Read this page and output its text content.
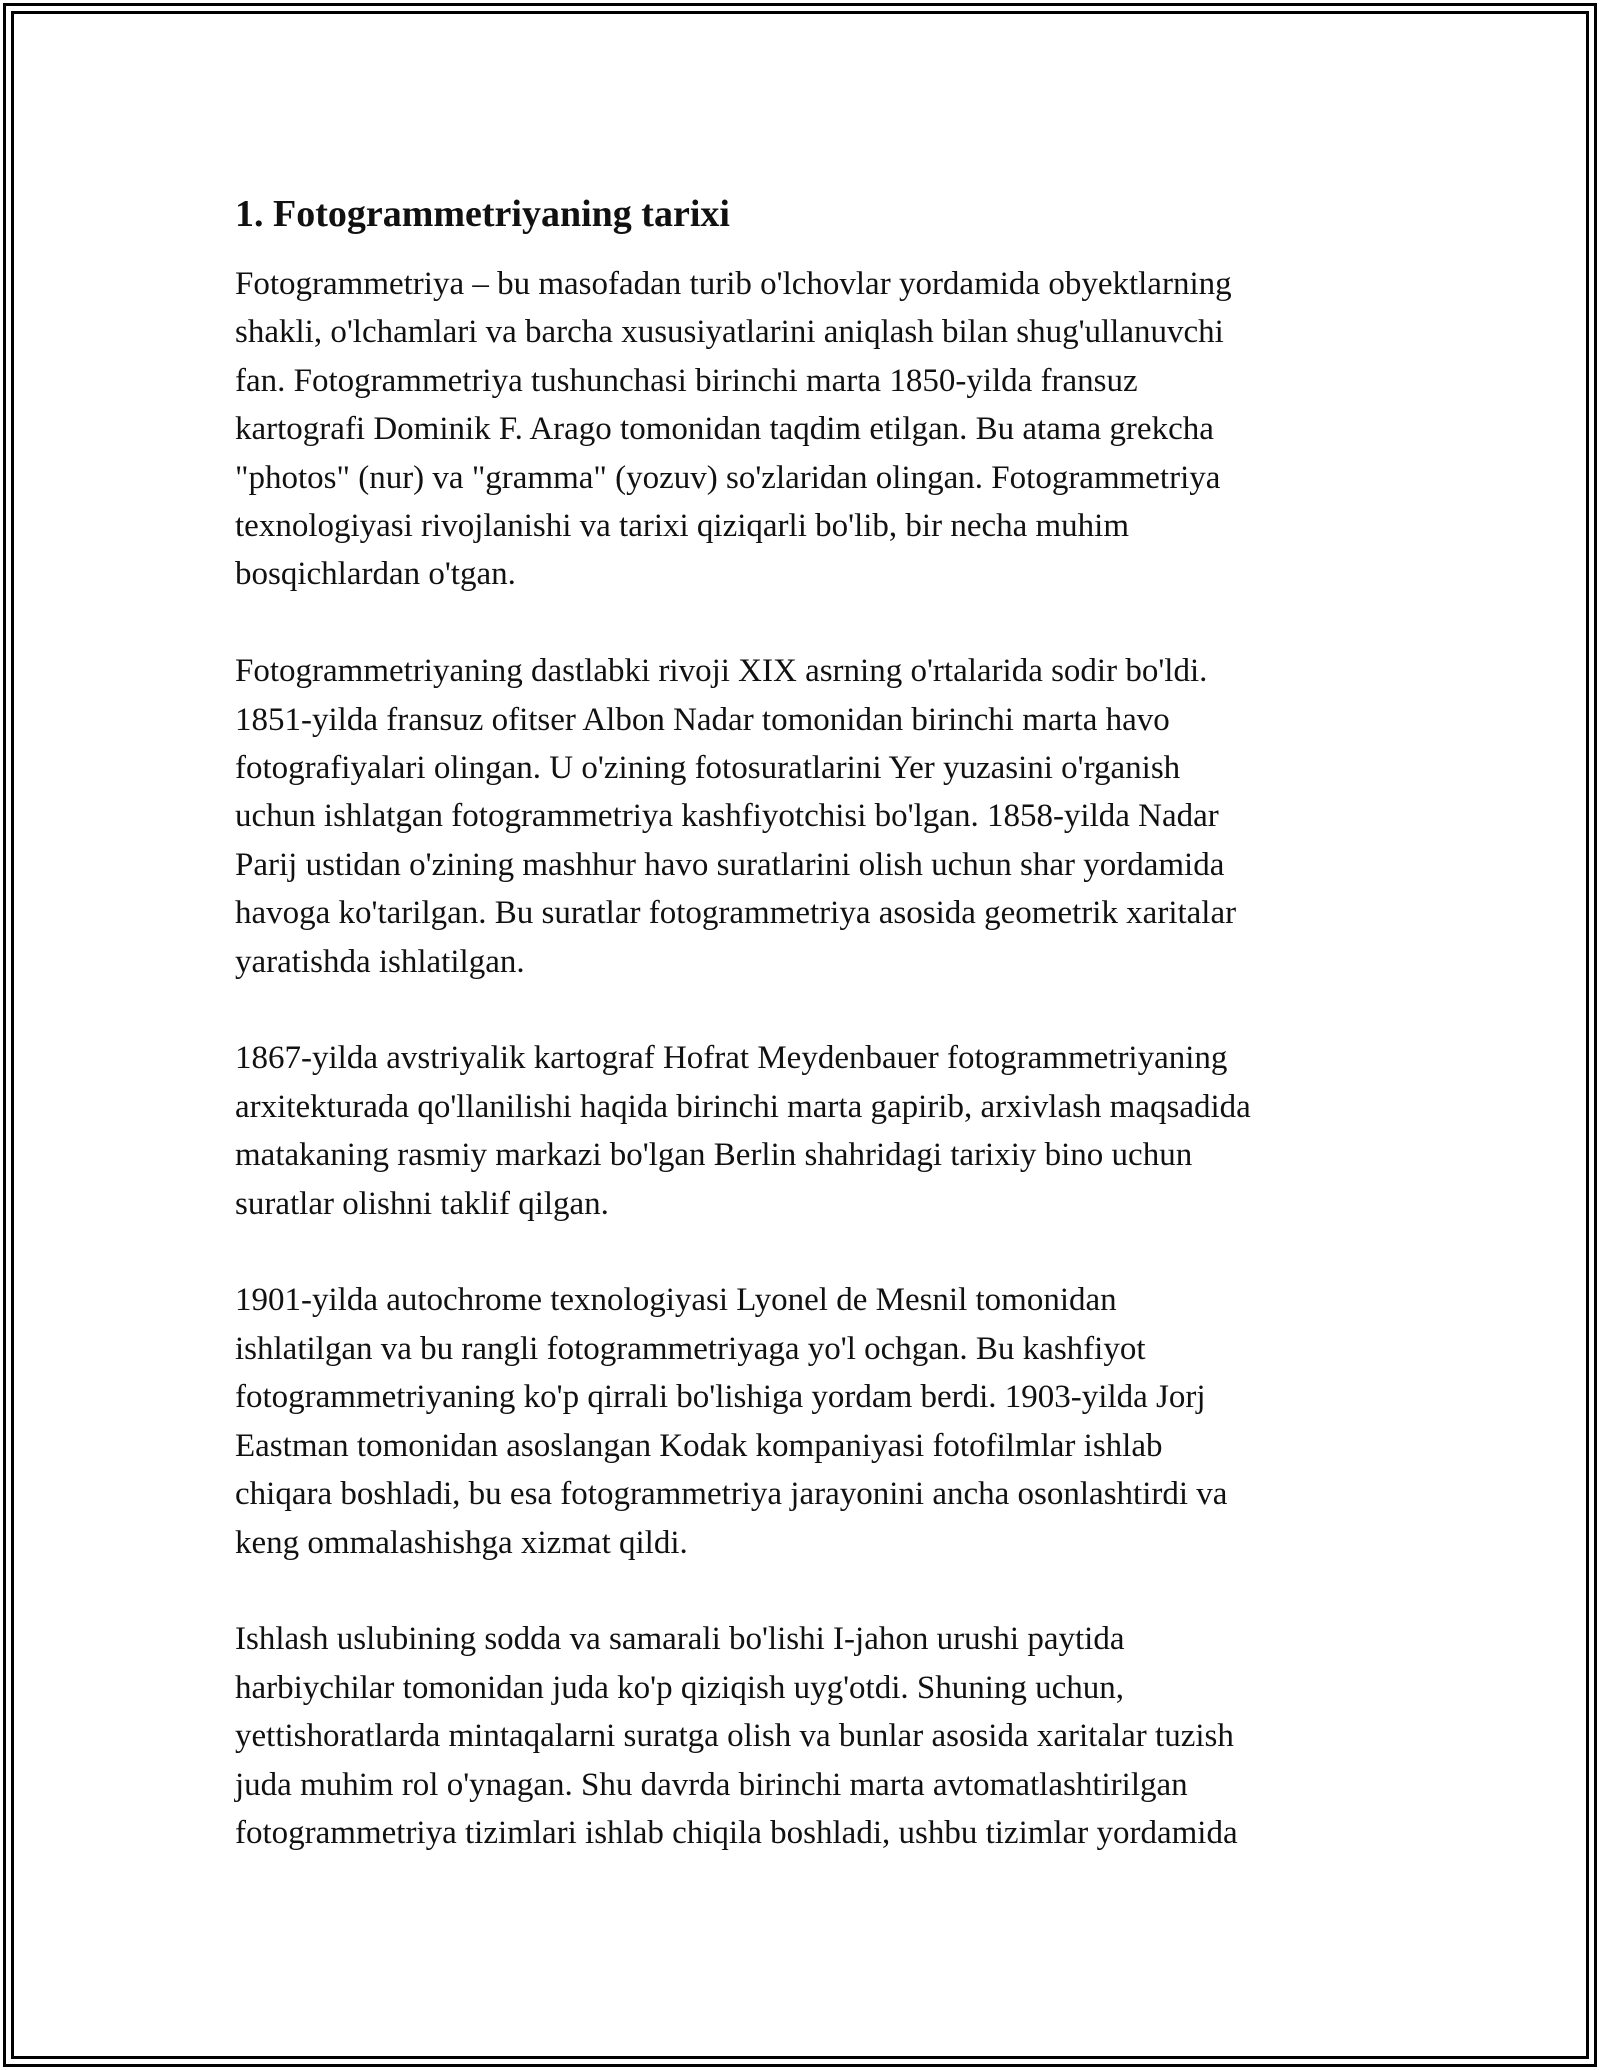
1. Fotogrammetriyaning tarixi

Fotogrammetriya – bu masofadan turib o'lchovlar yordamida obyektlarning
shakli, o'lchamlari va barcha xususiyatlarini aniqlash bilan shug'ullanuvchi
fan. Fotogrammetriya tushunchasi birinchi marta 1850-yilda fransuz
kartografi Dominik F. Arago tomonidan taqdim etilgan. Bu atama grekcha
"photos" (nur) va "gramma" (yozuv) so'zlaridan olingan. Fotogrammetriya
texnologiyasi rivojlanishi va tarixi qiziqarli bo'lib, bir necha muhim
bosqichlardan o'tgan.

Fotogrammetriyaning dastlabki rivoji XIX asrning o'rtalarida sodir bo'ldi.
1851-yilda fransuz ofitser Albon Nadar tomonidan birinchi marta havo
fotografiyalari olingan. U o'zining fotosuratlarini Yer yuzasini o'rganish
uchun ishlatgan fotogrammetriya kashfiyotchisi bo'lgan. 1858-yilda Nadar
Parij ustidan o'zining mashhur havo suratlarini olish uchun shar yordamida
havoga ko'tarilgan. Bu suratlar fotogrammetriya asosida geometrik xaritalar
yaratishda ishlatilgan.

1867-yilda avstriyalik kartograf Hofrat Meydenbauer fotogrammetriyaning
arxitekturada qo'llanilishi haqida birinchi marta gapirib, arxivlash maqsadida
matakaning rasmiy markazi bo'lgan Berlin shahridagi tarixiy bino uchun
suratlar olishni taklif qilgan.

1901-yilda autochrome texnologiyasi Lyonel de Mesnil tomonidan
ishlatilgan va bu rangli fotogrammetriyaga yo'l ochgan. Bu kashfiyot
fotogrammetriyaning ko'p qirrali bo'lishiga yordam berdi. 1903-yilda Jorj
Eastman tomonidan asoslangan Kodak kompaniyasi fotofilmlar ishlab
chiqara boshladi, bu esa fotogrammetriya jarayonini ancha osonlashtirdi va
keng ommalashishga xizmat qildi.

Ishlash uslubining sodda va samarali bo'lishi I-jahon urushi paytida
harbiychilar tomonidan juda ko'p qiziqish uyg'otdi. Shuning uchun,
yettishoratlarda mintaqalarni suratga olish va bunlar asosida xaritalar tuzish
juda muhim rol o'ynagan. Shu davrda birinchi marta avtomatlashtirilgan
fotogrammetriya tizimlari ishlab chiqila boshladi, ushbu tizimlar yordamida
